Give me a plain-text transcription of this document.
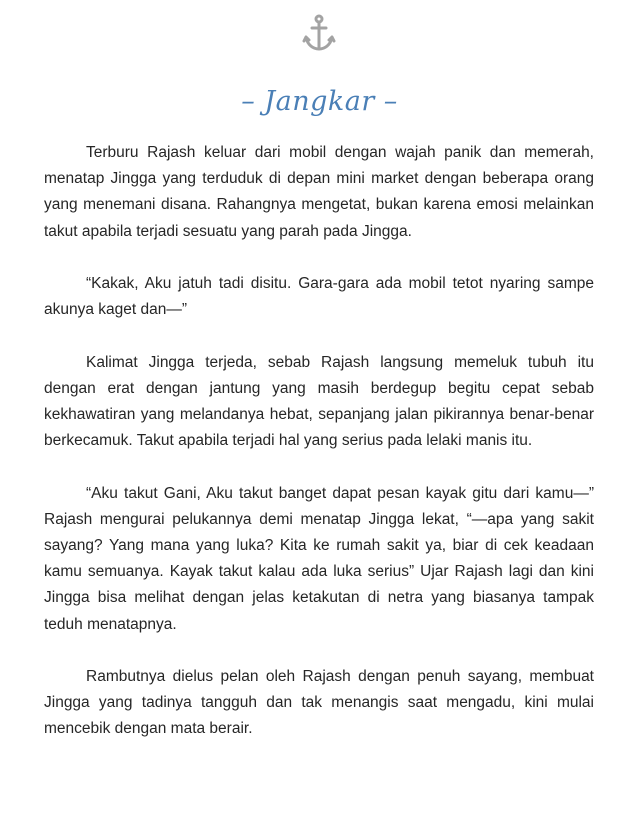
– Jangkar –

Terburu Rajash keluar dari mobil dengan wajah panik dan memerah, menatap Jingga yang terduduk di depan mini market dengan beberapa orang yang menemani disana. Rahangnya mengetat, bukan karena emosi melainkan takut apabila terjadi sesuatu yang parah pada Jingga.

“Kakak, Aku jatuh tadi disitu. Gara-gara ada mobil tetot nyaring sampe akunya kaget dan—”

Kalimat Jingga terjeda, sebab Rajash langsung memeluk tubuh itu dengan erat dengan jantung yang masih berdegup begitu cepat sebab kekhawatiran yang melandanya hebat, sepanjang jalan pikirannya benar-benar berkecamuk. Takut apabila terjadi hal yang serius pada lelaki manis itu.

“Aku takut Gani, Aku takut banget dapat pesan kayak gitu dari kamu—” Rajash mengurai pelukannya demi menatap Jingga lekat, “—apa yang sakit sayang? Yang mana yang luka? Kita ke rumah sakit ya, biar di cek keadaan kamu semuanya. Kayak takut kalau ada luka serius” Ujar Rajash lagi dan kini Jingga bisa melihat dengan jelas ketakutan di netra yang biasanya tampak teduh menatapnya.

Rambutnya dielus pelan oleh Rajash dengan penuh sayang, membuat Jingga yang tadinya tangguh dan tak menangis saat mengadu, kini mulai mencebik dengan mata berair.
